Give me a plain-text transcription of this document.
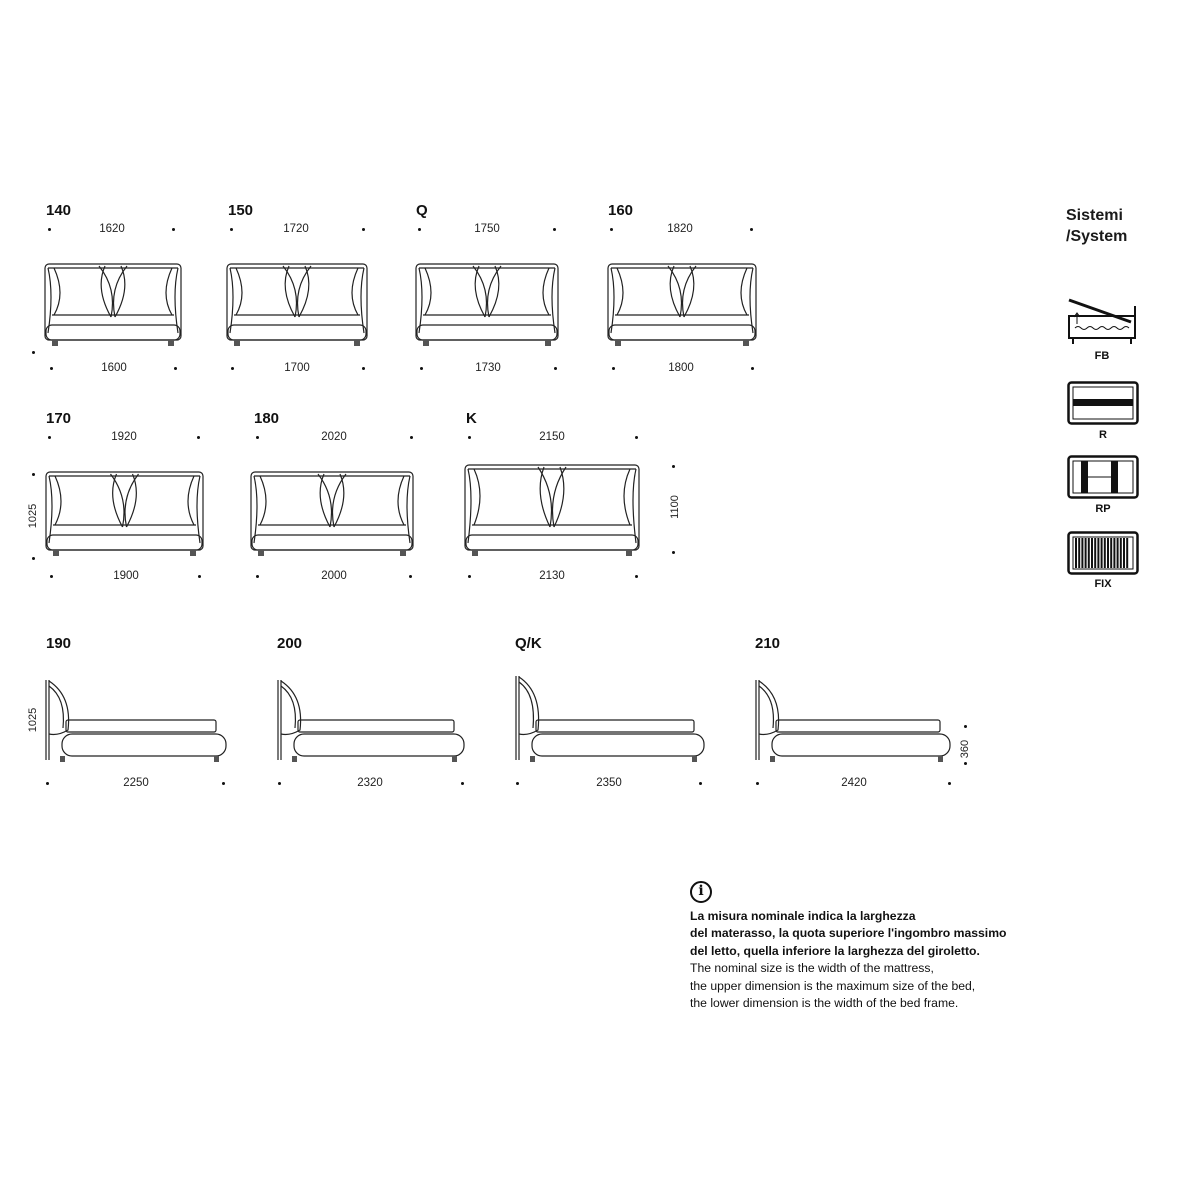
140
1620
1600
150
1720
1700
Q
1750
1730
160
1820
1800
170
1920
1025
1900
180
2020
2000
K
2150
1100
2130
190
1025
2250
200
2320
Q/K
2350
210
360
2420
Sistemi
/System
FB
R
RP
FIX
i
La misura nominale indica la larghezza
del materasso, la quota superiore l'ingombro massimo
del letto, quella inferiore la larghezza del giroletto.
The nominal size is the width of the mattress,
the upper dimension is the maximum size of the bed,
the lower dimension is the width of the bed frame.
